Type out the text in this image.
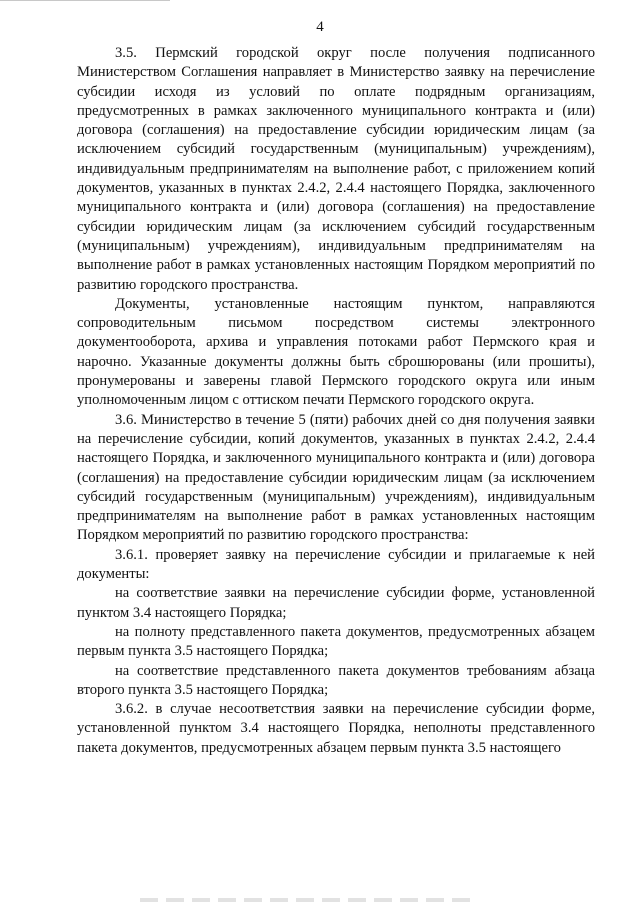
4

3.5. Пермский городской округ после получения подписанного Министерством Соглашения направляет в Министерство заявку на перечисление субсидии исходя из условий по оплате подрядным организациям, предусмотренных в рамках заключенного муниципального контракта и (или) договора (соглашения) на предоставление субсидии юридическим лицам (за исключением субсидий государственным (муниципальным) учреждениям), индивидуальным предпринимателям на выполнение работ, с приложением копий документов, указанных в пунктах 2.4.2, 2.4.4 настоящего Порядка, заключенного муниципального контракта и (или) договора (соглашения) на предоставление субсидии юридическим лицам (за исключением субсидий государственным (муниципальным) учреждениям), индивидуальным предпринимателям на выполнение работ в рамках установленных настоящим Порядком мероприятий по развитию городского пространства.

Документы, установленные настоящим пунктом, направляются сопроводительным письмом посредством системы электронного документооборота, архива и управления потоками работ Пермского края и нарочно. Указанные документы должны быть сброшюрованы (или прошиты), пронумерованы и заверены главой Пермского городского округа или иным уполномоченным лицом с оттиском печати Пермского городского округа.

3.6. Министерство в течение 5 (пяти) рабочих дней со дня получения заявки на перечисление субсидии, копий документов, указанных в пунктах 2.4.2, 2.4.4 настоящего Порядка, и заключенного муниципального контракта и (или) договора (соглашения) на предоставление субсидии юридическим лицам (за исключением субсидий государственным (муниципальным) учреждениям), индивидуальным предпринимателям на выполнение работ в рамках установленных настоящим Порядком мероприятий по развитию городского пространства:

3.6.1. проверяет заявку на перечисление субсидии и прилагаемые к ней документы:

на соответствие заявки на перечисление субсидии форме, установленной пунктом 3.4 настоящего Порядка;

на полноту представленного пакета документов, предусмотренных абзацем первым пункта 3.5 настоящего Порядка;

на соответствие представленного пакета документов требованиям абзаца второго пункта 3.5 настоящего Порядка;

3.6.2. в случае несоответствия заявки на перечисление субсидии форме, установленной пунктом 3.4 настоящего Порядка, неполноты представленного пакета документов, предусмотренных абзацем первым пункта 3.5 настоящего
